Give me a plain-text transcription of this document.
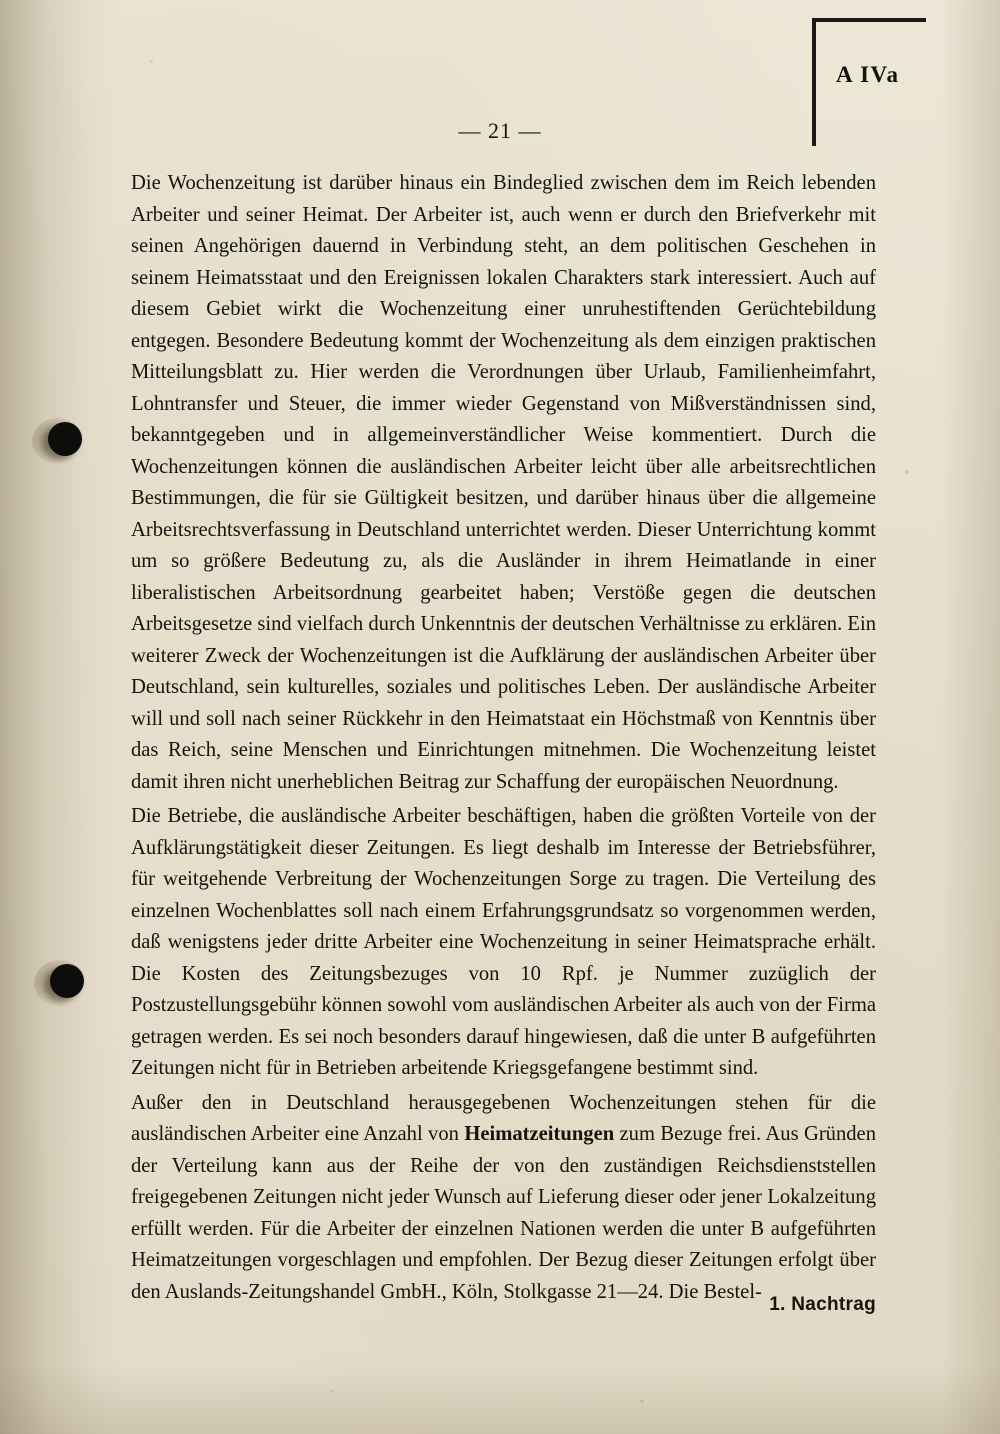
A IVa
— 21 —

Die Wochenzeitung ist darüber hinaus ein Bindeglied zwischen dem im Reich lebenden Arbeiter und seiner Heimat. Der Arbeiter ist, auch wenn er durch den Briefverkehr mit seinen Angehörigen dauernd in Verbindung steht, an dem politischen Geschehen in seinem Heimatsstaat und den Ereignissen lokalen Charakters stark interessiert. Auch auf diesem Gebiet wirkt die Wochenzeitung einer unruhestiftenden Gerüchtebildung entgegen. Besondere Bedeutung kommt der Wochenzeitung als dem einzigen praktischen Mitteilungsblatt zu. Hier werden die Verordnungen über Urlaub, Familienheimfahrt, Lohntransfer und Steuer, die immer wieder Gegenstand von Mißverständnissen sind, bekanntgegeben und in allgemeinverständlicher Weise kommentiert. Durch die Wochenzeitungen können die ausländischen Arbeiter leicht über alle arbeitsrechtlichen Bestimmungen, die für sie Gültigkeit besitzen, und darüber hinaus über die allgemeine Arbeitsrechtsverfassung in Deutschland unterrichtet werden. Dieser Unterrichtung kommt um so größere Bedeutung zu, als die Ausländer in ihrem Heimatlande in einer liberalistischen Arbeitsordnung gearbeitet haben; Verstöße gegen die deutschen Arbeitsgesetze sind vielfach durch Unkenntnis der deutschen Verhältnisse zu erklären. Ein weiterer Zweck der Wochenzeitungen ist die Aufklärung der ausländischen Arbeiter über Deutschland, sein kulturelles, soziales und politisches Leben. Der ausländische Arbeiter will und soll nach seiner Rückkehr in den Heimatstaat ein Höchstmaß von Kenntnis über das Reich, seine Menschen und Einrichtungen mitnehmen. Die Wochenzeitung leistet damit ihren nicht unerheblichen Beitrag zur Schaffung der europäischen Neuordnung.

Die Betriebe, die ausländische Arbeiter beschäftigen, haben die größten Vorteile von der Aufklärungstätigkeit dieser Zeitungen. Es liegt deshalb im Interesse der Betriebsführer, für weitgehende Verbreitung der Wochenzeitungen Sorge zu tragen. Die Verteilung des einzelnen Wochenblattes soll nach einem Erfahrungsgrundsatz so vorgenommen werden, daß wenigstens jeder dritte Arbeiter eine Wochenzeitung in seiner Heimatsprache erhält. Die Kosten des Zeitungsbezuges von 10 Rpf. je Nummer zuzüglich der Postzustellungsgebühr können sowohl vom ausländischen Arbeiter als auch von der Firma getragen werden. Es sei noch besonders darauf hingewiesen, daß die unter B aufgeführten Zeitungen nicht für in Betrieben arbeitende Kriegsgefangene bestimmt sind.

Außer den in Deutschland herausgegebenen Wochenzeitungen stehen für die ausländischen Arbeiter eine Anzahl von Heimatzeitungen zum Bezuge frei. Aus Gründen der Verteilung kann aus der Reihe der von den zuständigen Reichsdienststellen freigegebenen Zeitungen nicht jeder Wunsch auf Lieferung dieser oder jener Lokalzeitung erfüllt werden. Für die Arbeiter der einzelnen Nationen werden die unter B aufgeführten Heimatzeitungen vorgeschlagen und empfohlen. Der Bezug dieser Zeitungen erfolgt über den Auslands-Zeitungshandel GmbH., Köln, Stolkgasse 21—24. Die Bestel-

1. Nachtrag
